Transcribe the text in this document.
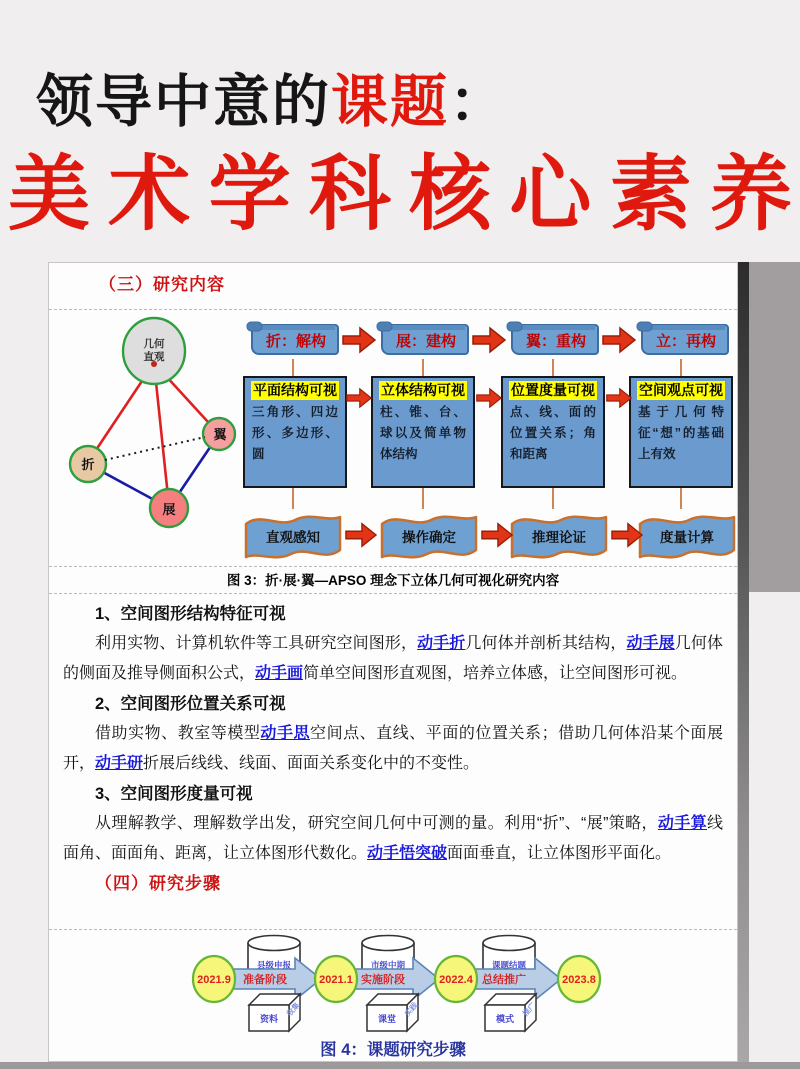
领导中意的课题：
美 术 学 科 核 心 素 养
（三）研究内容
几何
直观
折
展
翼
折：解构	展：建构	翼：重构	立：再构
平面结构可视
三角形、四边形、多边形、圆
立体结构可视
柱、锥、台、球以及简单物体结构
位置度量可视
点、线、面的位置关系；角和距离
空间观点可视
基于几何特征“想”的基础上有效
直观感知	操作确定	推理论证	度量计算
图 3：折·展·翼—APSO 理念下立体几何可视化研究内容
1、空间图形结构特征可视

利用实物、计算机软件等工具研究空间图形，动手折几何体并剖析其结构，动手展几何体的侧面及推导侧面积公式，动手画简单空间图形直观图，培养立体感，让空间图形可视。

2、空间图形位置关系可视

借助实物、教室等模型动手思空间点、直线、平面的位置关系；借助几何体沿某个面展开，动手研折展后线线、线面、面面关系变化中的不变性。

3、空间图形度量可视

从理解教学、理解数学出发，研究空间几何中可测的量。利用“折”、“展”策略，动手算线面角、面面角、距离，让立体图形代数化。动手悟突破面面垂直，让立体图形平面化。

（四）研究步骤

县级申报	市级中期	课题结题
准备阶段	实施阶段	总结推广
2021.9	2021.1	2022.4	2023.8
资料
收集
课堂
实践
模式
推广
图 4：课题研究步骤
